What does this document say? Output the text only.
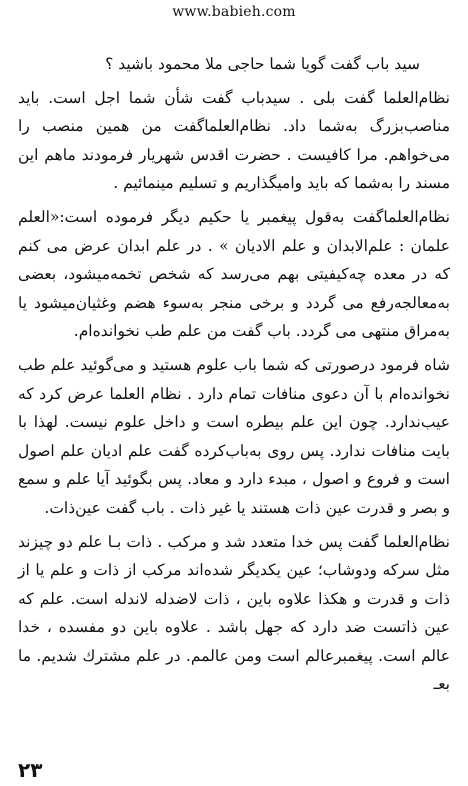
www.babieh.com

سید باب گفت گویا شما حاجی ملا محمود باشید ؟

نظام‌العلما گفت بلی . سیدباب گفت شأن شما اجل است. باید مناصب‌بزرگ به‌شما داد. نظام‌العلماگفت من همین منصب را می‌خواهم. مرا کافیست . حضرت اقدس شهریار فرمودند ماهم این مسند را به‌شما که باید وامیگذاریم و تسلیم مینمائیم .

نظام‌العلماگفت به‌قول پیغمبر یا حکیم دیگر فرموده است:«العلم علمان : علم‌الابدان و علم الادیان » . در علم ابدان عرض می کنم که در معده چه‌کیفیتی بهم می‌رسد که شخص تخمه‌میشود، بعضی به‌معالجه‌رفع می گردد و برخی منجر به‌سوء هضم وغثیان‌میشود یا به‌مراق منتهی می گردد. باب گفت من علم طب نخوانده‌ام.

شاه فرمود درصورتی که شما باب علوم هستید و می‌گوئید علم طب نخوانده‌ام با آن دعوی منافات تمام دارد . نظام العلما عرض کرد که عیب‌ندارد. چون این علم بیطره است و داخل علوم نیست. لهذا با بایت منافات ندارد. پس روی به‌باب‌کرده گفت علم ادیان علم اصول است و فروع و اصول ، مبدء دارد و معاد. پس بگوئید آیا علم و سمع و بصر و قدرت عین ذات هستند یا غیر ذات . باب گفت عین‌ذات.

نظام‌العلما گفت پس خدا متعدد شد و مرکب . ذات بـا علم دو چیزند مثل سرکه ودوشاب؛ عین یکدیگر شده‌اند مرکب از ذات و علم یا از ذات و قدرت و هکذا علاوه باین ، ذات لاضدله لاندله است. علم که عین ذاتست ضد دارد که جهل باشد . علاوه باین دو مفسده ، خدا عالم است. پیغمبرعالم است ومن عالمم. در علم مشترك شدیم. ما بعـ

۲۳
